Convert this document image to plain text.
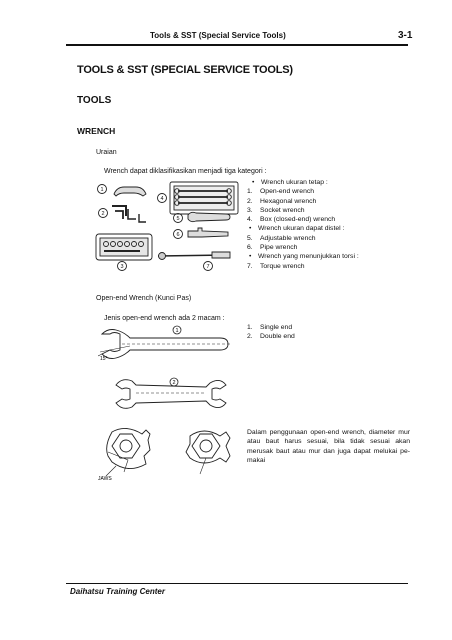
Tools & SST (Special Service Tools)	3-1
TOOLS & SST (SPECIAL SERVICE TOOLS)
TOOLS
WRENCH
Uraian
Wrench dapat diklasifikasikan menjadi tiga kategori :
• Wrench ukuran tetap :
1. Open-end wrench
2. Hexagonal wrench
3. Socket wrench
4. Box (closed-end) wrench
• Wrench ukuran dapat distel :
5. Adjustable wrench
6. Pipe wrench
• Wrench yang menunjukkan torsi :
7. Torque wrench
1
2
3
4
5
6
7
Open-end Wrench (Kunci Pas)
Jenis open-end wrench ada 2 macam :
1. Single end
2. Double end
1
15°
2
JAWS
Dalam penggunaan open-end wrench, diameter mur atau baut harus sesuai, bila tidak sesuai akan merusak baut atau mur dan juga dapat melukai pe-makai
Daihatsu Training Center
